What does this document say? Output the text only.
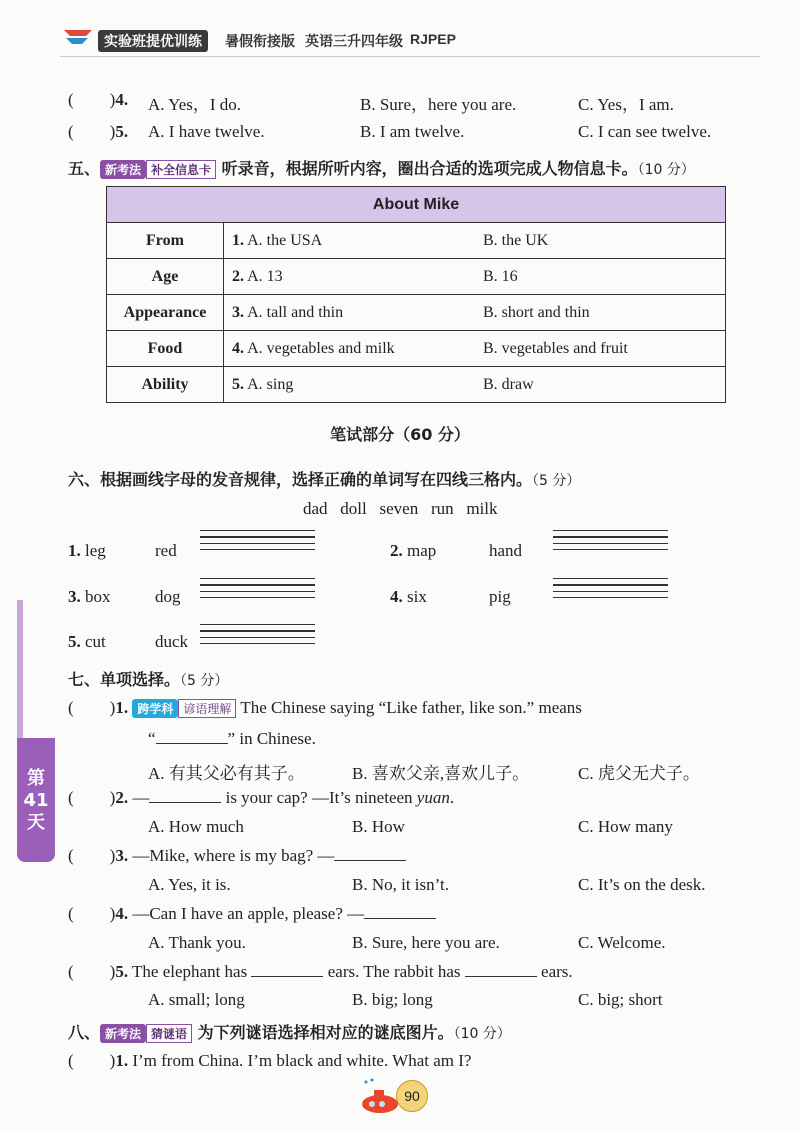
实验班提优训练	暑假衔接版 英语三升四年级 RJPEP
( )4. A. Yes，I do.	B. Sure，here you are.	C. Yes，I am.
( )5. A. I have twelve.	B. I am twelve.	C. I can see twelve.
五、 新考法 补全信息卡 听录音，根据所听内容，圈出合适的选项完成人物信息卡。（10 分）
About Mike		
From	1. A. the USA	B. the UK
Age	2. A. 13	B. 16
Appearance	3. A. tall and thin	B. short and thin
Food	4. A. vegetables and milk	B. vegetables and fruit
Ability	5. A. sing	B. draw
笔试部分（60 分）
六、根据画线字母的发音规律，选择正确的单词写在四线三格内。（5 分）
dad   doll   seven   run   milk
1. leg	red	2. map	hand
3. box	dog	4. six	pig
5. cut	duck
七、单项选择。（5 分）
( )1. 跨学科 谚语理解 The Chinese saying “Like father, like son.” means
“	” in Chinese.
A. 有其父必有其子。	B. 喜欢父亲,喜欢儿子。	C. 虎父无犬子。
( )2. —	is your cap? —It’s nineteen yuan.
A. How much	B. How	C. How many
( )3. —Mike, where is my bag? —
A. Yes, it is.	B. No, it isn’t.	C. It’s on the desk.
( )4. —Can I have an apple, please? —
A. Thank you.	B. Sure, here you are.	C. Welcome.
( )5. The elephant has	ears. The rabbit has	ears.
A. small; long	B. big; long	C. big; short
八、 新考法 猜谜语 为下列谜语选择相对应的谜底图片。（10 分）
( )1. I’m from China. I’m black and white. What am I?
第
41
天
90
